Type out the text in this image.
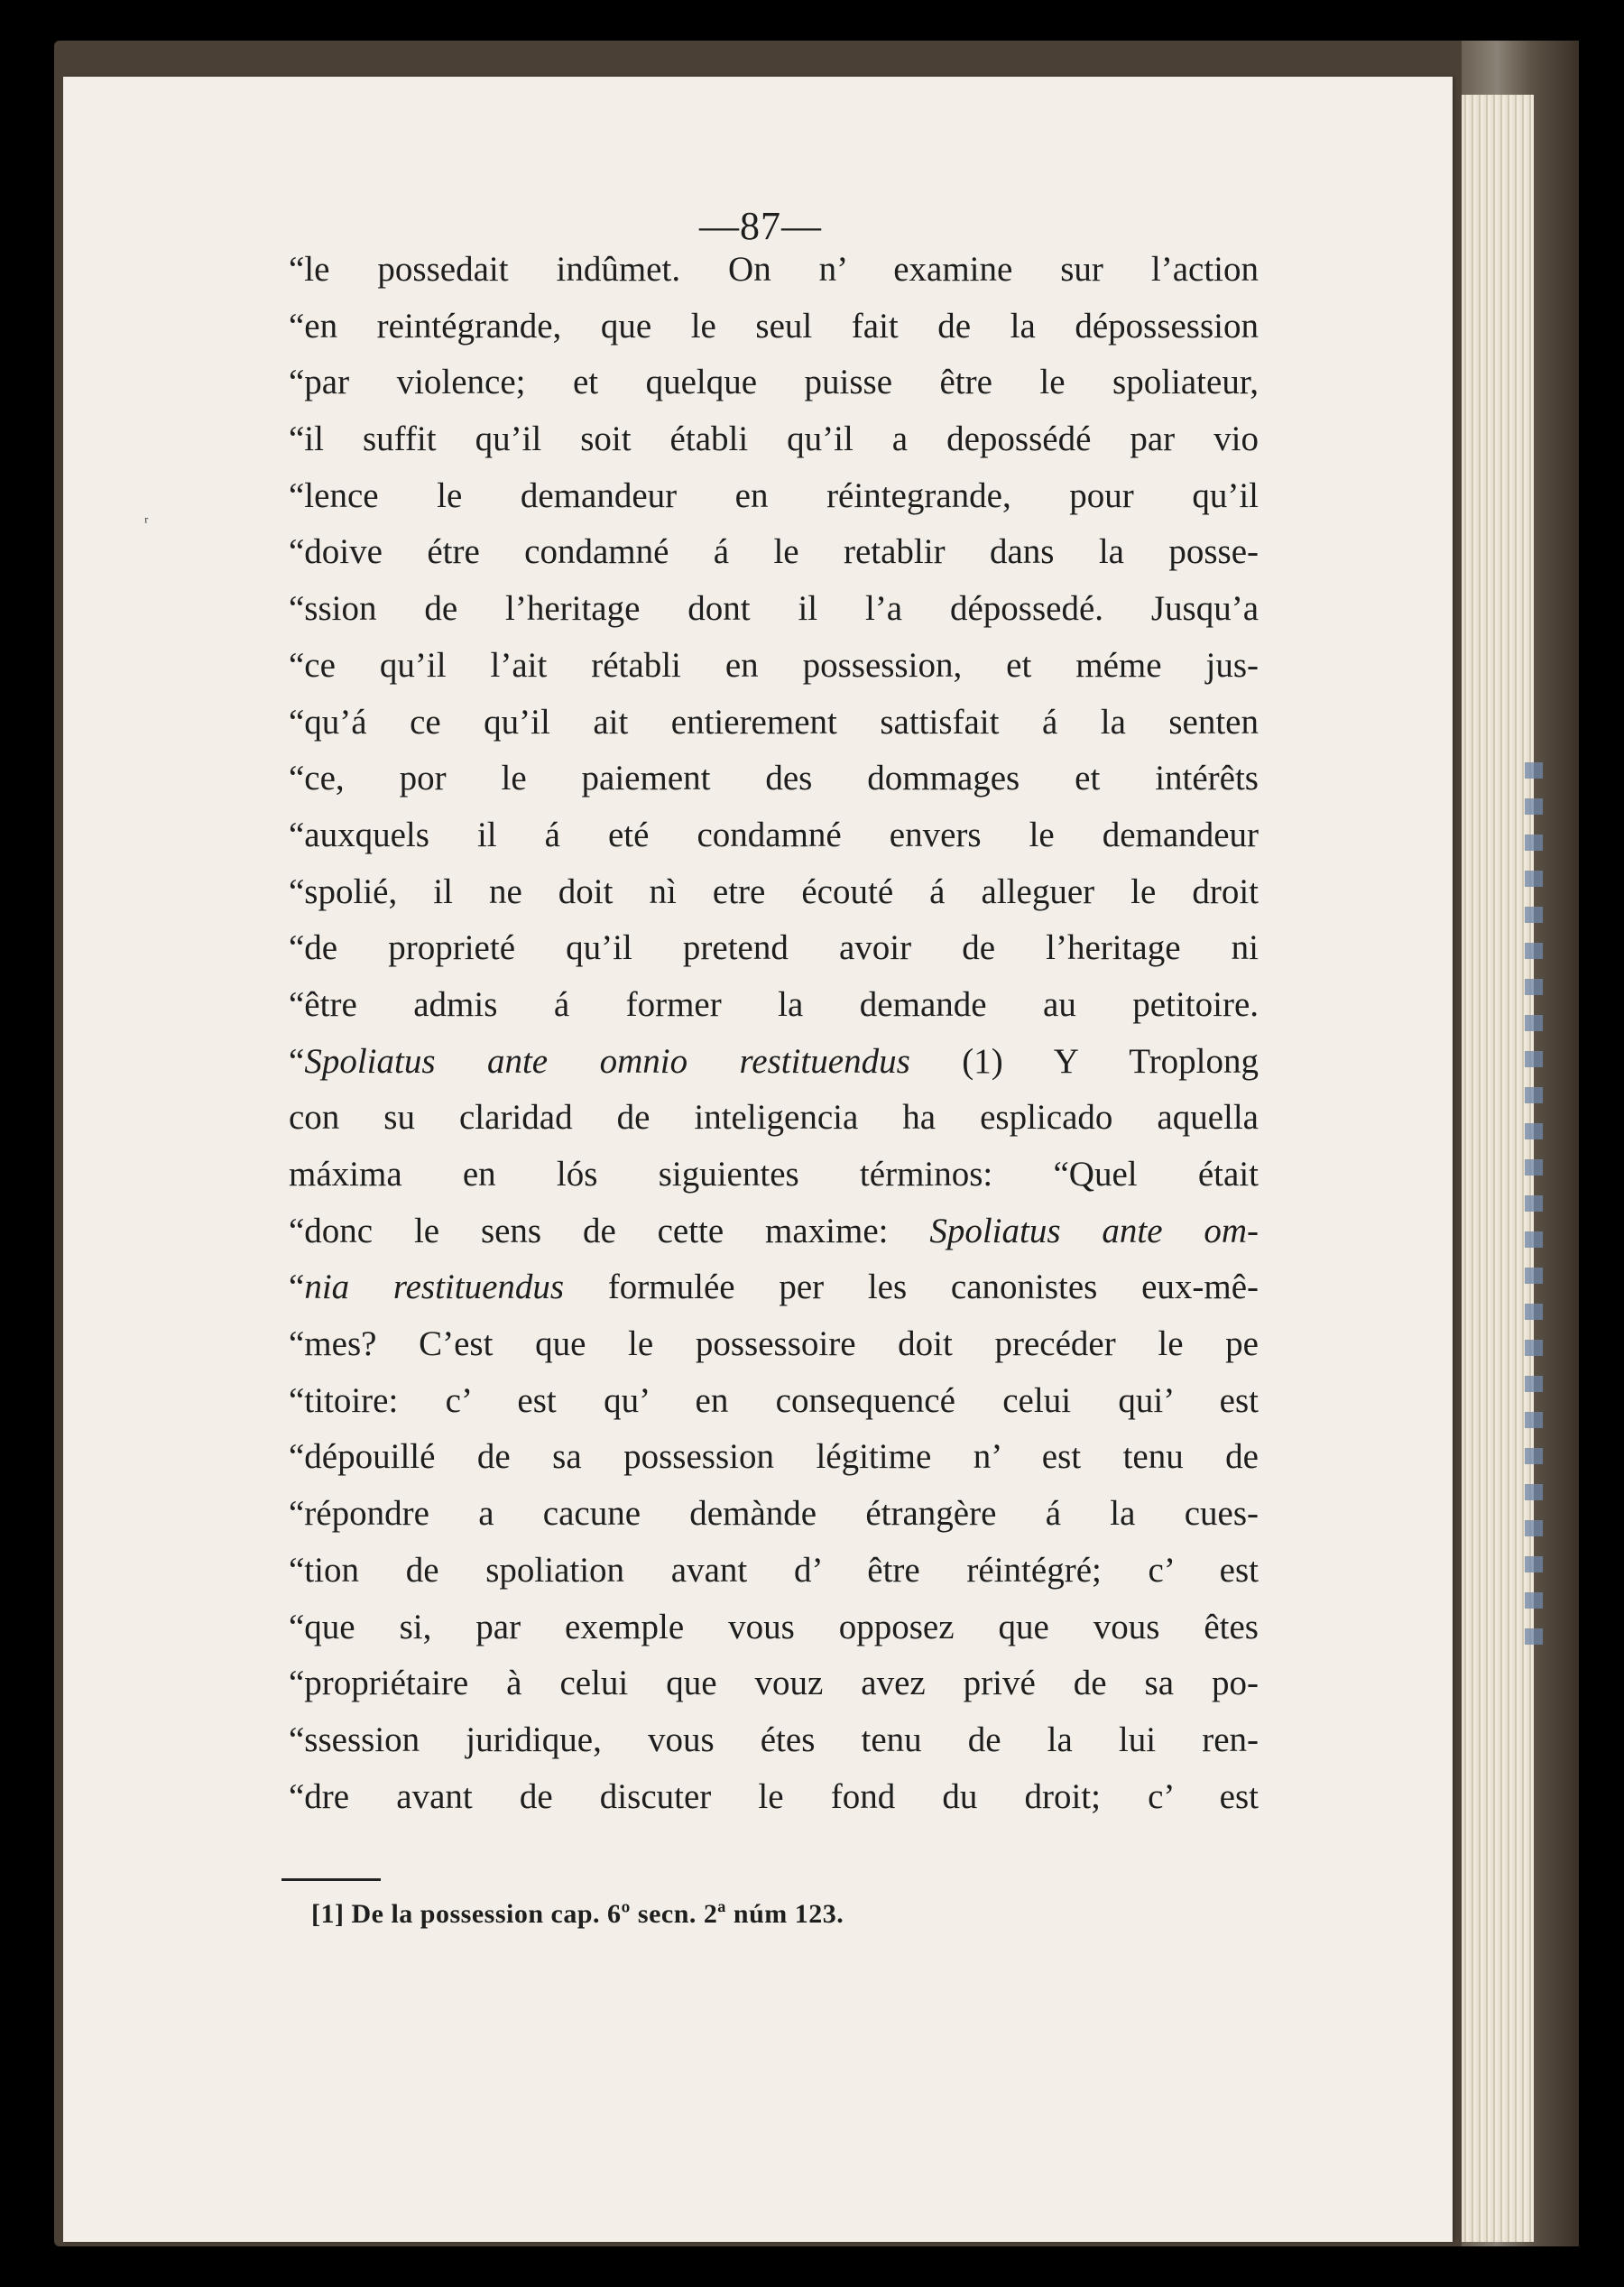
—87—
ʳ
“le possedait indûmet. On n’ examine sur l’action
“en reintégrande, que le seul fait de la dépossession
“par violence; et quelque puisse être le spoliateur,
“il suffit qu’il soit établi qu’il a depossédé par vio
“lence le demandeur en réintegrande, pour qu’il
“doive étre condamné á le retablir dans la posse-
“ssion de l’heritage dont il l’a dépossedé. Jusqu’a
“ce qu’il l’ait rétabli en possession, et méme jus-
“qu’á ce qu’il ait entierement sattisfait á la senten
“ce, por le paiement des dommages et intérêts
“auxquels il á eté condamné envers le demandeur
“spolié, il ne doit nì etre écouté á alleguer le droit
“de proprieté qu’il pretend avoir de l’heritage ni
“être admis á former la demande au petitoire.
“Spoliatus ante omnio restituendus (1) Y Troplong
con su claridad de inteligencia ha esplicado aquella
máxima en lós siguientes términos: “Quel était
“donc le sens de cette maxime: Spoliatus ante om-
“nia restituendus formulée per les canonistes eux-mê-
“mes? C’est que le possessoire doit precéder le pe
“titoire: c’ est qu’ en consequencé celui qui’ est
“dépouillé de sa possession légitime n’ est tenu de
“répondre a cacune demànde étrangère á la cues-
“tion de spoliation avant d’ être réintégré; c’ est
“que si, par exemple vous opposez que vous êtes
“propriétaire à celui que vouz avez privé de sa po-
“ssession juridique, vous étes tenu de la lui ren-
“dre avant de discuter le fond du droit; c’ est
[1] De la possession cap. 6º secn. 2ª núm 123.
